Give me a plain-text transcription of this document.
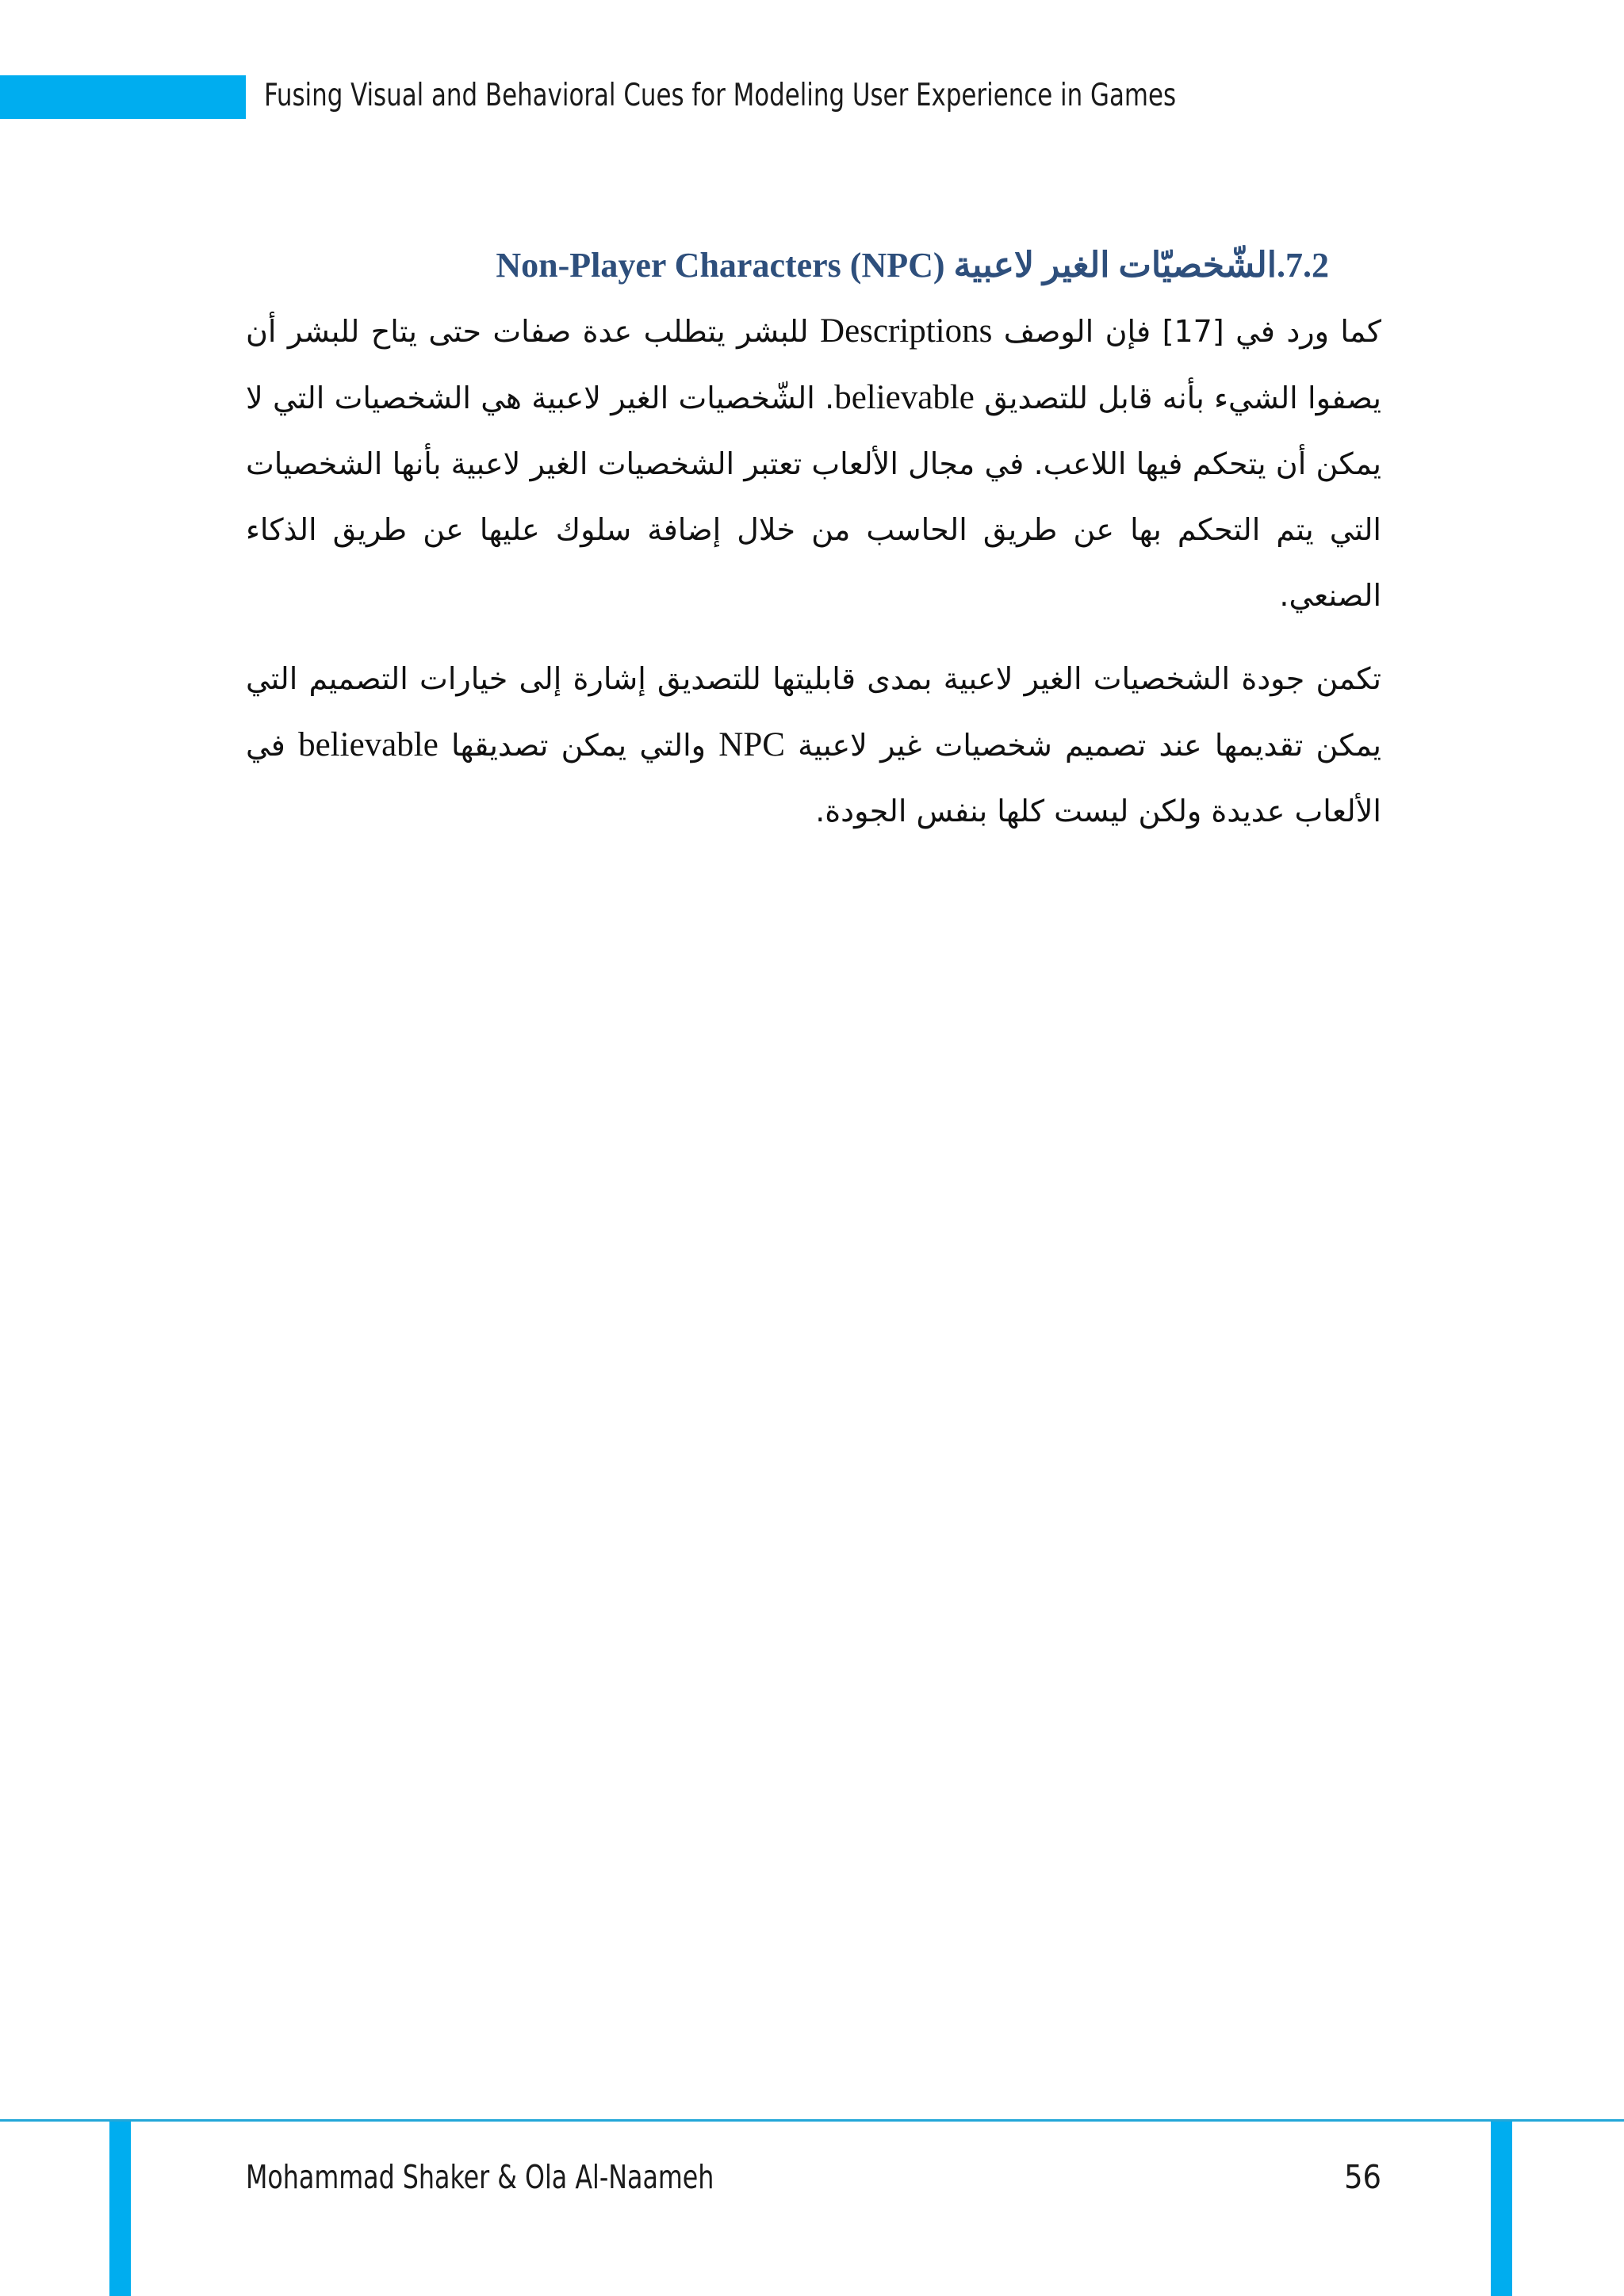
Fusing Visual and Behavioral Cues for Modeling User Experience in Games
7.2.الشّخصيّات الغير لاعبية Non-Player Characters (NPC)

كما ورد في [17] فإن الوصف Descriptions للبشر يتطلب عدة صفات حتى يتاح للبشر أن يصفوا الشيء بأنه قابل للتصديق believable. الشّخصيات الغير لاعبية هي الشخصيات التي لا يمكن أن يتحكم فيها اللاعب. في مجال الألعاب تعتبر الشخصيات الغير لاعبية بأنها الشخصيات التي يتم التحكم بها عن طريق الحاسب من خلال إضافة سلوك عليها عن طريق الذكاء الصنعي.

تكمن جودة الشخصيات الغير لاعبية بمدى قابليتها للتصديق إشارة إلى خيارات التصميم التي يمكن تقديمها عند تصميم شخصيات غير لاعبية NPC والتي يمكن تصديقها believable في الألعاب عديدة ولكن ليست كلها بنفس الجودة.

Mohammad Shaker & Ola Al-Naameh	56
